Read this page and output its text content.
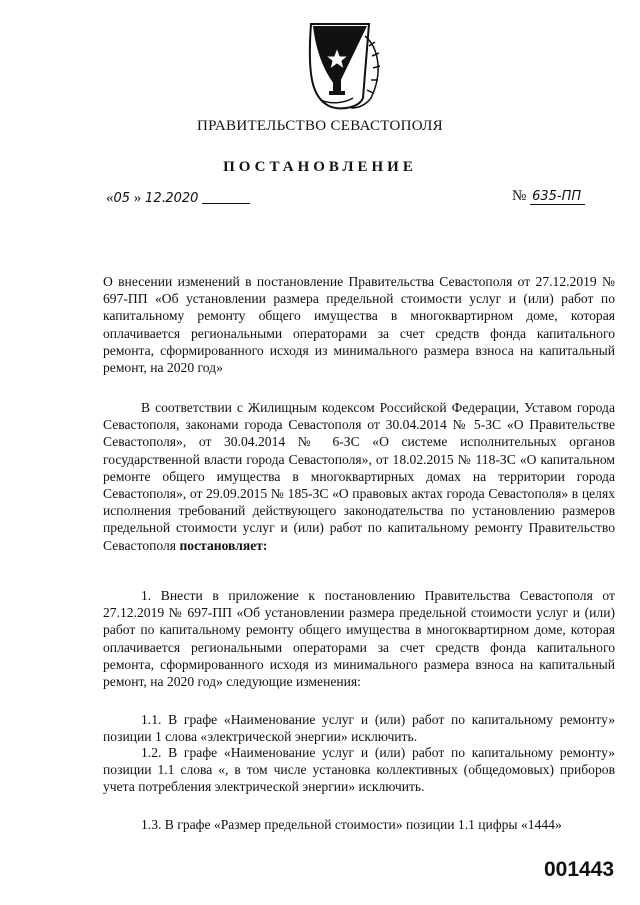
ПРАВИТЕЛЬСТВО СЕВАСТОПОЛЯ
ПОСТАНОВЛЕНИЕ
«05 » 12.2020	№ 635-ПП
О внесении изменений в постановление Правительства Севастополя от 27.12.2019 № 697-ПП «Об установлении размера предельной стоимости услуг и (или) работ по капитальному ремонту общего имущества в многоквартирном доме, которая оплачивается региональными операторами за счет средств фонда капитального ремонта, сформированного исходя из минимального размера взноса на капитальный ремонт, на 2020 год»
В соответствии с Жилищным кодексом Российской Федерации, Уставом города Севастополя, законами города Севастополя от 30.04.2014 № 5-ЗС «О Правительстве Севастополя», от 30.04.2014 № 6-ЗС «О системе исполнительных органов государственной власти города Севастополя», от 18.02.2015 № 118-ЗС «О капитальном ремонте общего имущества в многоквартирных домах на территории города Севастополя», от 29.09.2015 № 185-ЗС «О правовых актах города Севастополя» в целях исполнения требований действующего законодательства по установлению размеров предельной стоимости услуг и (или) работ по капитальному ремонту Правительство Севастополя постановляет:
1. Внести в приложение к постановлению Правительства Севастополя от 27.12.2019 № 697-ПП «Об установлении размера предельной стоимости услуг и (или) работ по капитальному ремонту общего имущества в многоквартирном доме, которая оплачивается региональными операторами за счет средств фонда капитального ремонта, сформированного исходя из минимального размера взноса на капитальный ремонт, на 2020 год» следующие изменения:
1.1. В графе «Наименование услуг и (или) работ по капитальному ремонту» позиции 1 слова «электрической энергии» исключить.
1.2. В графе «Наименование услуг и (или) работ по капитальному ремонту» позиции 1.1 слова «, в том числе установка коллективных (общедомовых) приборов учета потребления электрической энергии» исключить.
1.3. В графе «Размер предельной стоимости» позиции 1.1 цифры «1444»
001443
